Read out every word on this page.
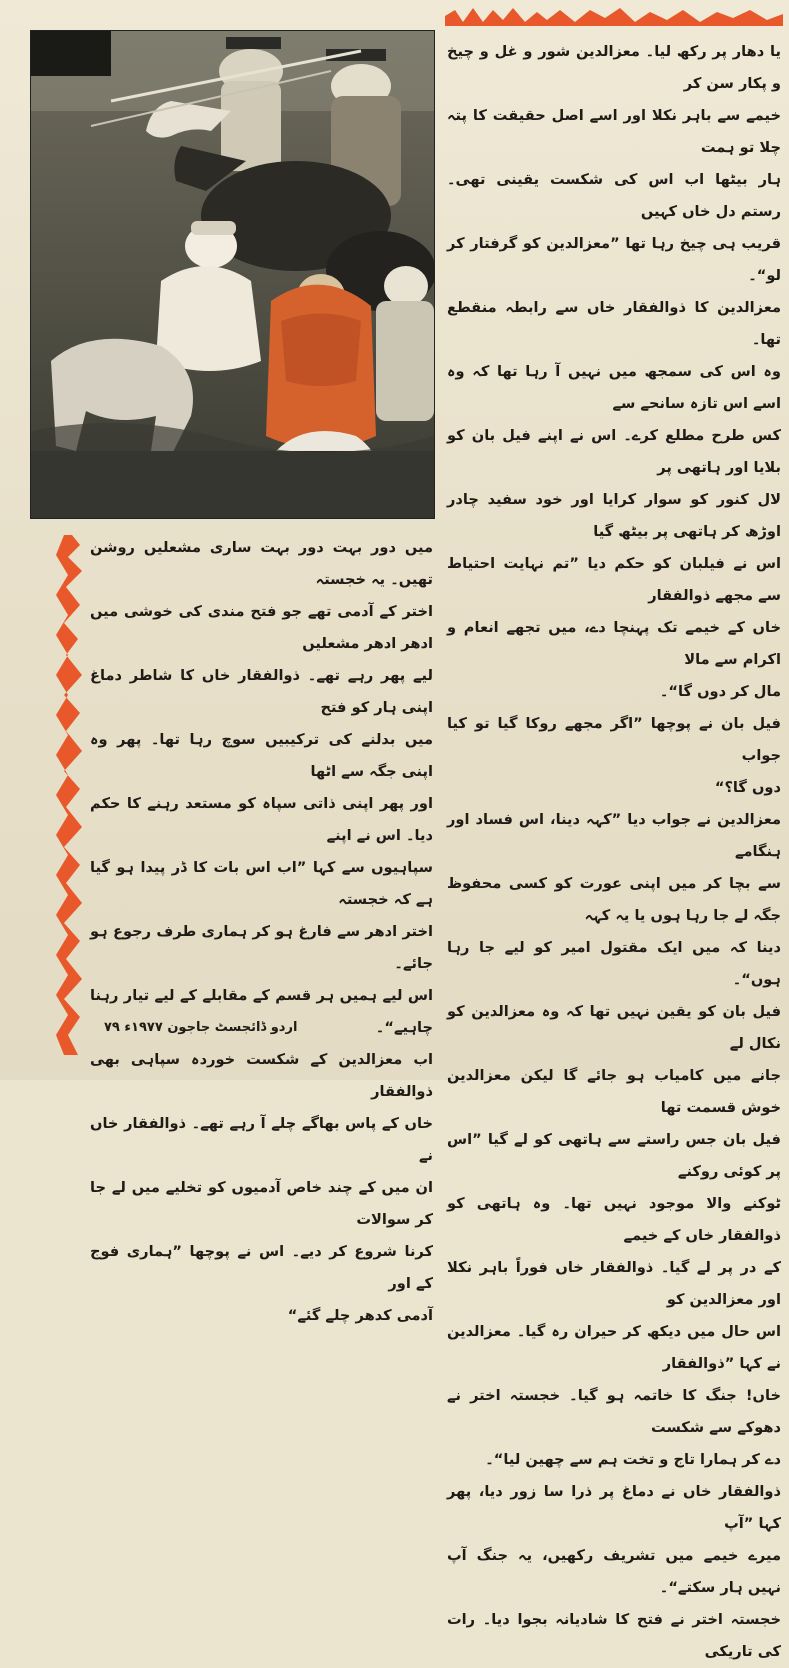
یا دھار پر رکھ لیا۔ معزالدین شور و غل و چیخ و پکار سن کر

خیمے سے باہر نکلا اور اسے اصل حقیقت کا پتہ چلا تو ہمت

ہار بیٹھا اب اس کی شکست یقینی تھی۔ رستم دل خاں کہیں

قریب ہی چیخ رہا تھا ”معزالدین کو گرفتار کر لو“۔

معزالدین کا ذوالفقار خاں سے رابطہ منقطع تھا۔

وہ اس کی سمجھ میں نہیں آ رہا تھا کہ وہ اسے اس تازہ سانحے سے

کس طرح مطلع کرے۔ اس نے اپنے فیل بان کو بلایا اور ہاتھی پر

لال کنور کو سوار کرایا اور خود سفید چادر اوڑھ کر ہاتھی پر بیٹھ گیا

اس نے فیلبان کو حکم دیا ”تم نہایت احتیاط سے مجھے ذوالفقار

خاں کے خیمے تک پہنچا دے، میں تجھے انعام و اکرام سے مالا

مال کر دوں گا“۔

فیل بان نے پوچھا ”اگر مجھے روکا گیا تو کیا جواب

دوں گا؟“

معزالدین نے جواب دیا ”کہہ دینا، اس فساد اور ہنگامے

سے بچا کر میں اپنی عورت کو کسی محفوظ جگہ لے جا رہا ہوں یا یہ کہہ

دینا کہ میں ایک مقتول امیر کو لیے جا رہا ہوں“۔

فیل بان کو یقین نہیں تھا کہ وہ معزالدین کو نکال لے

جانے میں کامیاب ہو جائے گا لیکن معزالدین خوش قسمت تھا

فیل بان جس راستے سے ہاتھی کو لے گیا ”اس پر کوئی روکنے

ٹوکنے والا موجود نہیں تھا۔ وہ ہاتھی کو ذوالفقار خاں کے خیمے

کے در پر لے گیا۔ ذوالفقار خاں فوراً باہر نکلا اور معزالدین کو

اس حال میں دیکھ کر حیران رہ گیا۔ معزالدین نے کہا ”ذوالفقار

خاں! جنگ کا خاتمہ ہو گیا۔ خجستہ اختر نے دھوکے سے شکست

دے کر ہمارا تاج و تخت ہم سے چھین لیا“۔

ذوالفقار خاں نے دماغ پر ذرا سا زور دیا، پھر کہا ”آپ

میرے خیمے میں تشریف رکھیں، یہ جنگ آپ نہیں ہار سکتے“۔

خجستہ اختر نے فتح کا شادیانہ بجوا دیا۔ رات کی تاریکی

میں دور بہت دور بہت ساری مشعلیں روشن تھیں۔ یہ خجستہ

اختر کے آدمی تھے جو فتح مندی کی خوشی میں ادھر ادھر مشعلیں

لیے پھر رہے تھے۔ ذوالفقار خاں کا شاطر دماغ اپنی ہار کو فتح

میں بدلنے کی ترکیبیں سوچ رہا تھا۔ پھر وہ اپنی جگہ سے اٹھا

اور پھر اپنی ذاتی سپاہ کو مستعد رہنے کا حکم دیا۔ اس نے اپنے

سپاہیوں سے کہا ”اب اس بات کا ڈر پیدا ہو گیا ہے کہ خجستہ

اختر ادھر سے فارغ ہو کر ہماری طرف رجوع ہو جائے۔

اس لیے ہمیں ہر قسم کے مقابلے کے لیے تیار رہنا چاہیے“۔

اب معزالدین کے شکست خوردہ سپاہی بھی ذوالفقار

خاں کے پاس بھاگے چلے آ رہے تھے۔ ذوالفقار خاں نے

ان میں کے چند خاص آدمیوں کو تخلیے میں لے جا کر سوالات

کرنا شروع کر دیے۔ اس نے پوچھا ”ہماری فوج کے اور

آدمی کدھر چلے گئے“

اردو ڈائجسٹ جاجون ۱۹۷۷ء ۷۹
